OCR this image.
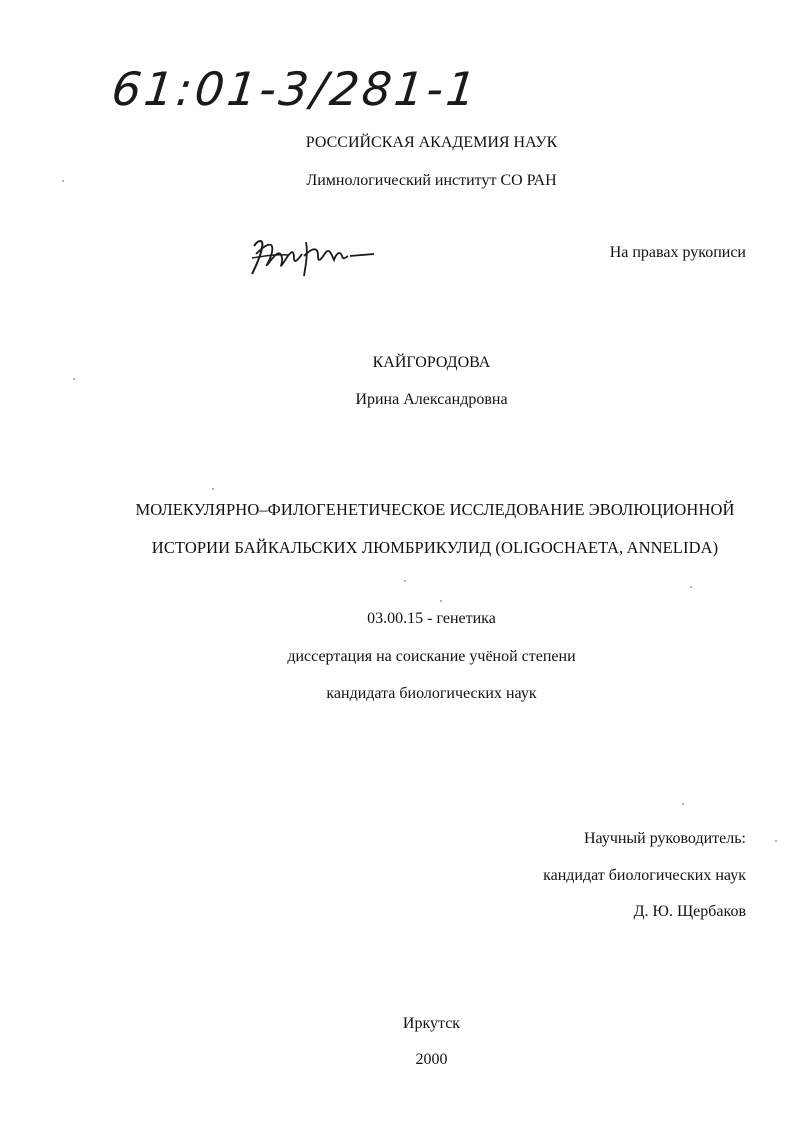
61:01-3/281-1
РОССИЙСКАЯ АКАДЕМИЯ НАУК
Лимнологический институт СО РАН
На правах рукописи
КАЙГОРОДОВА
Ирина Александровна
МОЛЕКУЛЯРНО–ФИЛОГЕНЕТИЧЕСКОЕ ИССЛЕДОВАНИЕ ЭВОЛЮЦИОННОЙ
ИСТОРИИ БАЙКАЛЬСКИХ ЛЮМБРИКУЛИД (OLIGOCHAETA, ANNELIDA)
03.00.15 - генетика
диссертация на соискание учёной степени
кандидата биологических наук
Научный руководитель:
кандидат биологических наук
Д. Ю. Щербаков
Иркутск
2000
